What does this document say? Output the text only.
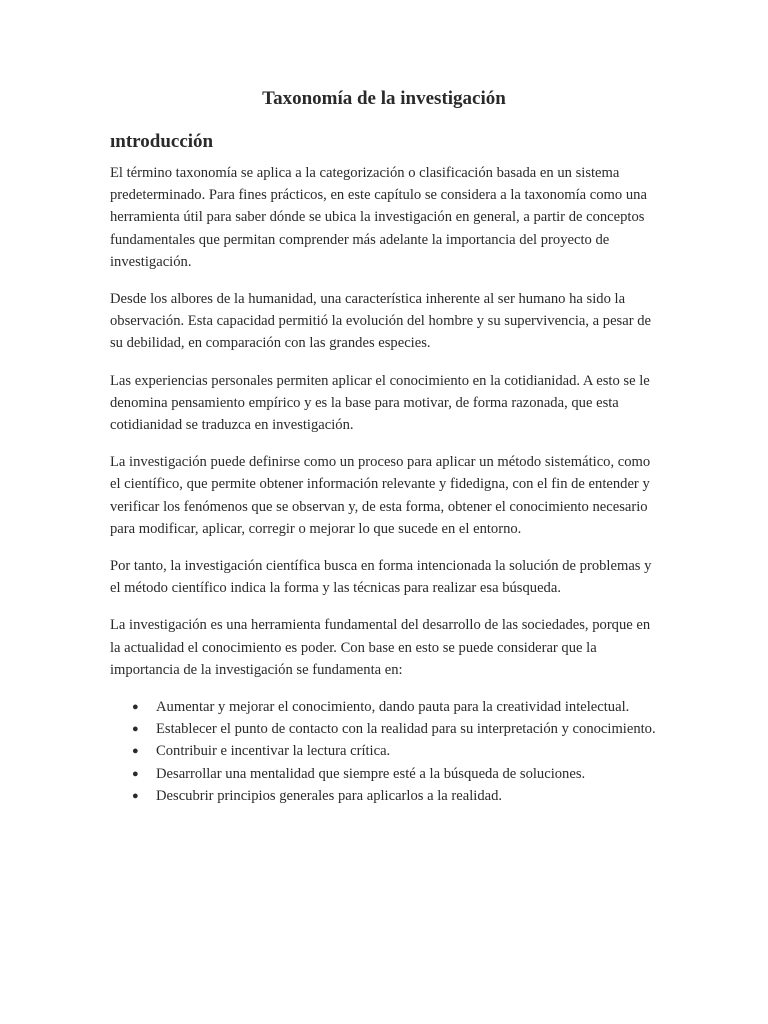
Taxonomía de la investigación
ıntroducción

El término taxonomía se aplica a la categorización o clasificación basada en un sistema predeterminado. Para fines prácticos, en este capítulo se considera a la taxonomía como una herramienta útil para saber dónde se ubica la investigación en general, a partir de conceptos fundamentales que permitan comprender más adelante la importancia del proyecto de investigación.

Desde los albores de la humanidad, una característica inherente al ser humano ha sido la observación. Esta capacidad permitió la evolución del hombre y su supervivencia, a pesar de su debilidad, en comparación con las grandes especies.

Las experiencias personales permiten aplicar el conocimiento en la cotidianidad. A esto se le denomina pensamiento empírico y es la base para motivar, de forma razonada, que esta cotidianidad se traduzca en investigación.

La investigación puede definirse como un proceso para aplicar un método sistemático, como el científico, que permite obtener información relevante y fidedigna, con el fin de entender y verificar los fenómenos que se observan y, de esta forma, obtener el conocimiento necesario para modificar, aplicar, corregir o mejorar lo que sucede en el entorno.

Por tanto, la investigación científica busca en forma intencionada la solución de problemas y el método científico indica la forma y las técnicas para realizar esa búsqueda.

La investigación es una herramienta fundamental del desarrollo de las sociedades, porque en la actualidad el conocimiento es poder. Con base en esto se puede considerar que la importancia de la investigación se fundamenta en:

● Aumentar y mejorar el conocimiento, dando pauta para la creatividad intelectual.
● Establecer el punto de contacto con la realidad para su interpretación y conocimiento.
● Contribuir e incentivar la lectura crítica.
● Desarrollar una mentalidad que siempre esté a la búsqueda de soluciones.
● Descubrir principios generales para aplicarlos a la realidad.
